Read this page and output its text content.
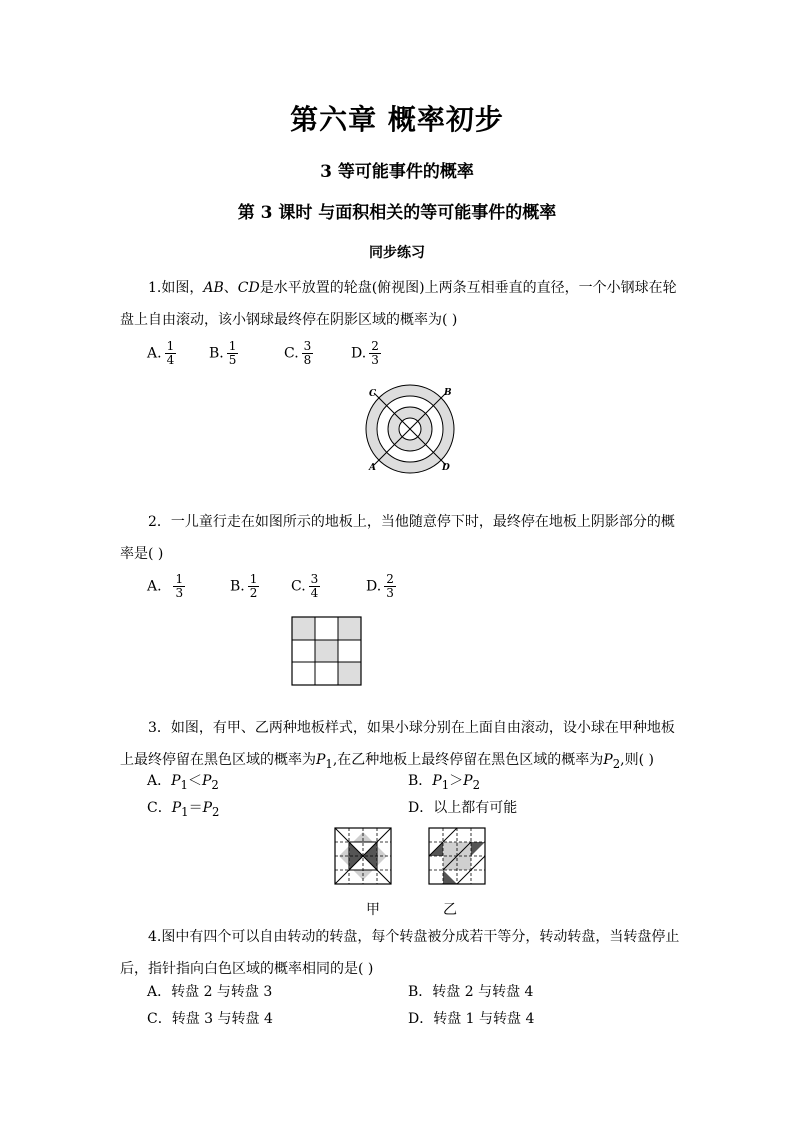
第六章 概率初步
3 等可能事件的概率
第 3 课时 与面积相关的等可能事件的概率
同步练习
1.如图，AB、CD是水平放置的轮盘(俯视图)上两条互相垂直的直径，一个小钢球在轮盘上自由滚动，该小钢球最终停在阴影区域的概率为( )
A. $\frac{1}{4} B$. $\frac{1}{5}$	C. $\frac{3}{8}$	D. $\frac{2}{3}$
C	B
A	D
2．一儿童行走在如图所示的地板上，当他随意停下时，最终停在地板上阴影部分的概率是( )
A. $\frac{1}{3}$	B. $\frac{1}{2} C$. $\frac{3}{4}$	D. $\frac{2}{3}$
3．如图，有甲、乙两种地板样式，如果小球分别在上面自由滚动，设小球在甲种地板上最终停留在黑色区域的概率为$P_1$,在乙种地板上最终停留在黑色区域的概率为$P_2$,则( )
A．$P_1<P_2$	B．$P_1>P_2$
C．$P_1=P_2$	D．以上都有可能
甲	乙
4.图中有四个可以自由转动的转盘，每个转盘被分成若干等分，转动转盘，当转盘停止后，指针指向白色区域的概率相同的是( )
A．转盘 2 与转盘 3	B．转盘 2 与转盘 4
C．转盘 3 与转盘 4	D．转盘 1 与转盘 4
